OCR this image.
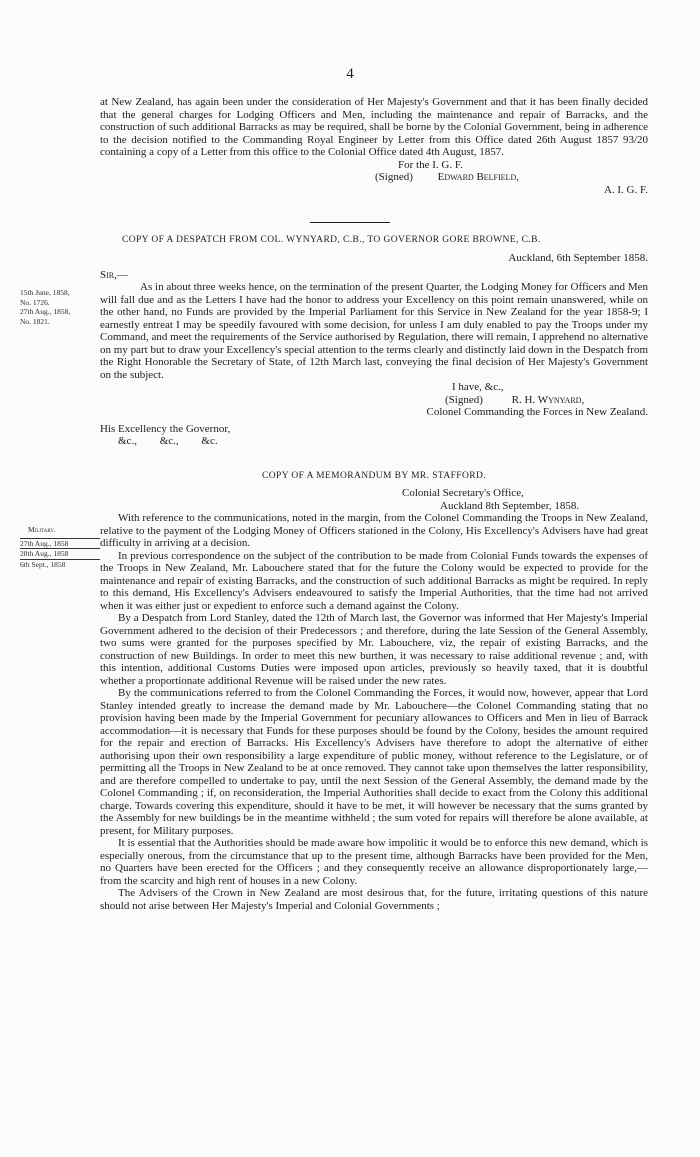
4

at New Zealand, has again been under the consideration of Her Majesty's Government and that it has been finally decided that the general charges for Lodging Officers and Men, including the maintenance and repair of Barracks, and the construction of such additional Barracks as may be required, shall be borne by the Colonial Government, being in adherence to the decision notified to the Commanding Royal Engineer by Letter from this Office dated 26th August 1857 93/20 containing a copy of a Letter from this office to the Colonial Office dated 4th August, 1857.

For the I. G. F.
(Signed) Edward Belfield,
A. I. G. F.
COPY OF A DESPATCH FROM COL. WYNYARD, C.B., TO GOVERNOR GORE BROWNE, C.B.
Auckland, 6th September 1858.
Sir,—

As in about three weeks hence, on the termination of the present Quarter, the Lodging Money for Officers and Men will fall due and as the Letters I have had the honor to address your Excellency on this point remain unanswered, while on the other hand, no Funds are provided by the Imperial Parliament for this Service in New Zealand for the year 1858-9; I earnestly entreat I may be speedily favoured with some decision, for unless I am duly enabled to pay the Troops under my Command, and meet the requirements of the Service authorised by Regulation, there will remain, I apprehend no alternative on my part but to draw your Excellency's special attention to the terms clearly and distinctly laid down in the Despatch from the Right Honorable the Secretary of State, of 12th March last, conveying the final decision of Her Majesty's Government on the subject.

I have, &c.,
(Signed)	R. H. Wynyard,
Colonel Commanding the Forces in New Zealand.
His Excellency the Governor,
&c., &c., &c.
15th June, 1858,
No. 1726.
27th Aug., 1858,
No. 1821.
COPY OF A MEMORANDUM BY MR. STAFFORD.
Colonial Secretary's Office,
Auckland 8th September, 1858.

With reference to the communications, noted in the margin, from the Colonel Commanding the Troops in New Zealand, relative to the payment of the Lodging Money of Officers stationed in the Colony, His Excellency's Advisers have had great difficulty in arriving at a decision.

In previous correspondence on the subject of the contribution to be made from Colonial Funds towards the expenses of the Troops in New Zealand, Mr. Labouchere stated that for the future the Colony would be expected to provide for the maintenance and repair of existing Barracks, and the construction of such additional Barracks as might be required. In reply to this demand, His Excellency's Advisers endeavoured to satisfy the Imperial Authorities, that the time had not arrived when it was either just or expedient to enforce such a demand against the Colony.

By a Despatch from Lord Stanley, dated the 12th of March last, the Governor was informed that Her Majesty's Imperial Government adhered to the decision of their Predecessors ; and therefore, during the late Session of the General Assembly, two sums were granted for the purposes specified by Mr. Labouchere, viz, the repair of existing Barracks, and the construction of new Buildings. In order to meet this new burthen, it was necessary to raise additional revenue ; and, with this intention, additional Customs Duties were imposed upon articles, previously so heavily taxed, that it is doubtful whether a proportionate additional Revenue will be raised under the new rates.

By the communications referred to from the Colonel Commanding the Forces, it would now, however, appear that Lord Stanley intended greatly to increase the demand made by Mr. Labouchere—the Colonel Commanding stating that no provision having been made by the Imperial Government for pecuniary allowances to Officers and Men in lieu of Barrack accommodation—it is necessary that Funds for these purposes should be found by the Colony, besides the amount required for the repair and erection of Barracks. His Excellency's Advisers have therefore to adopt the alternative of either authorising upon their own responsibility a large expenditure of public money, without reference to the Legislature, or of permitting all the Troops in New Zealand to be at once removed. They cannot take upon themselves the latter responsibility, and are therefore compelled to undertake to pay, until the next Session of the General Assembly, the demand made by the Colonel Commanding ; if, on reconsideration, the Imperial Authorities shall decide to exact from the Colony this additional charge. Towards covering this expenditure, should it have to be met, it will however be necessary that the sums granted by the Assembly for new buildings be in the meantime withheld ; the sum voted for repairs will therefore be alone available, at present, for Military purposes.

It is essential that the Authorities should be made aware how impolitic it would be to enforce this new demand, which is especially onerous, from the circumstance that up to the present time, although Barracks have been provided for the Men, no Quarters have been erected for the Officers ; and they consequently receive an allowance disproportionately large,—from the scarcity and high rent of houses in a new Colony.

The Advisers of the Crown in New Zealand are most desirous that, for the future, irritating questions of this nature should not arise between Her Majesty's Imperial and Colonial Governments ;

Military.
27th Aug., 1858
28th Aug., 1858
6th Sept., 1858
